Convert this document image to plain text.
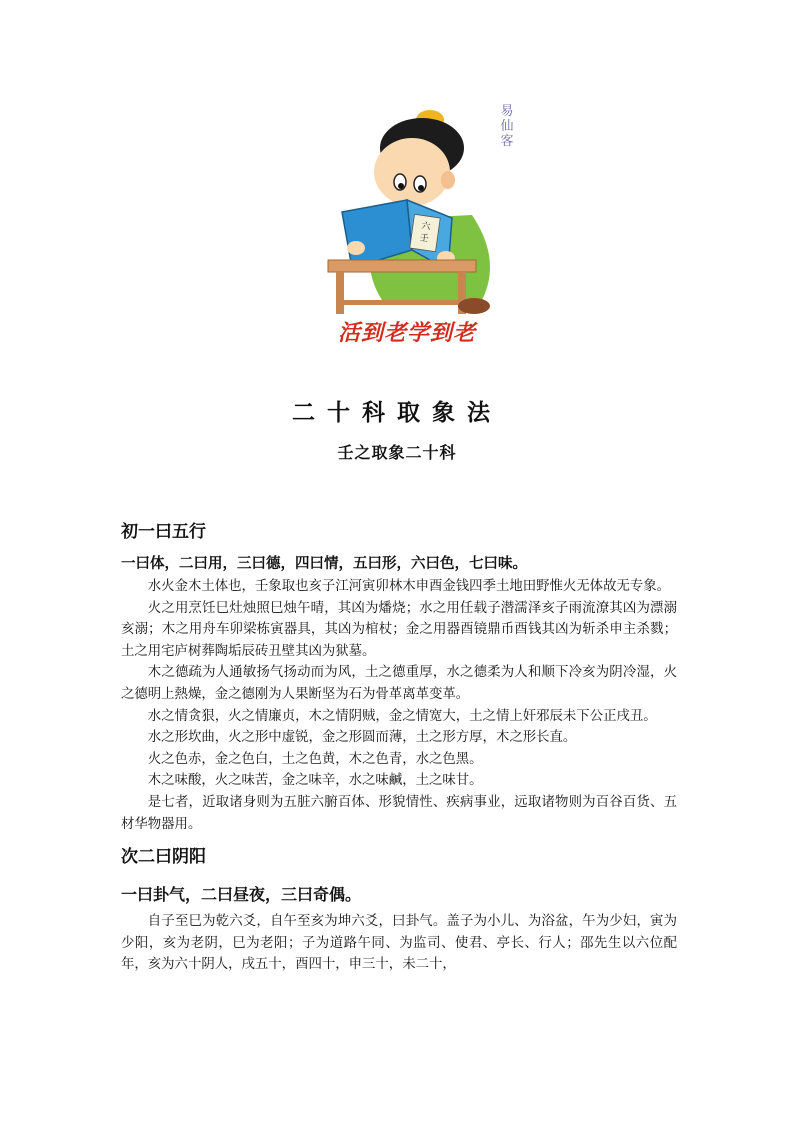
六壬
易仙客
活到老学到老
二十科取象法
壬之取象二十科

初一曰五行

一曰体，二曰用，三曰德，四曰情，五曰形，六曰色，七曰味。

水火金木土体也，壬象取也亥子江河寅卯林木申酉金钱四季土地田野惟火无体故无专象。

火之用烹饪巳灶烛照巳烛午晴，其凶为燔烧；水之用任载子潜濡泽亥子雨流潦其凶为漂溺亥溺；木之用舟车卯梁栋寅器具，其凶为棺杖；金之用器酉镜鼎币酉钱其凶为斩杀申主杀戮；土之用宅庐树葬陶垢辰砖丑壁其凶为狱墓。

木之德疏为人通敏扬气扬动而为风，土之德重厚，水之德柔为人和顺下冷亥为阴冷湿，火之德明上熱燥，金之德刚为人果断坚为石为骨革离革变革。

水之情贪狠，火之情廉贞，木之情阴贼，金之情宽大，土之情上奸邪辰未下公正戌丑。

水之形坎曲，火之形中虚锐，金之形圆而薄，土之形方厚，木之形长直。

火之色赤，金之色白，土之色黄，木之色青，水之色黑。

木之味酸，火之味苦，金之味辛，水之味鹹，土之味甘。

是七者，近取诸身则为五脏六腑百体、形貌情性、疾病事业，远取诸物则为百谷百货、五材华物器用。

次二曰阴阳

一曰卦气，二曰昼夜，三曰奇偶。

自子至巳为乾六爻，自午至亥为坤六爻，曰卦气。盖子为小儿、为浴盆，午为少妇，寅为少阳，亥为老阴，巳为老阳；子为道路午同、为监司、使君、亭长、行人；邵先生以六位配年，亥为六十阴人，戌五十，酉四十，申三十，未二十，
